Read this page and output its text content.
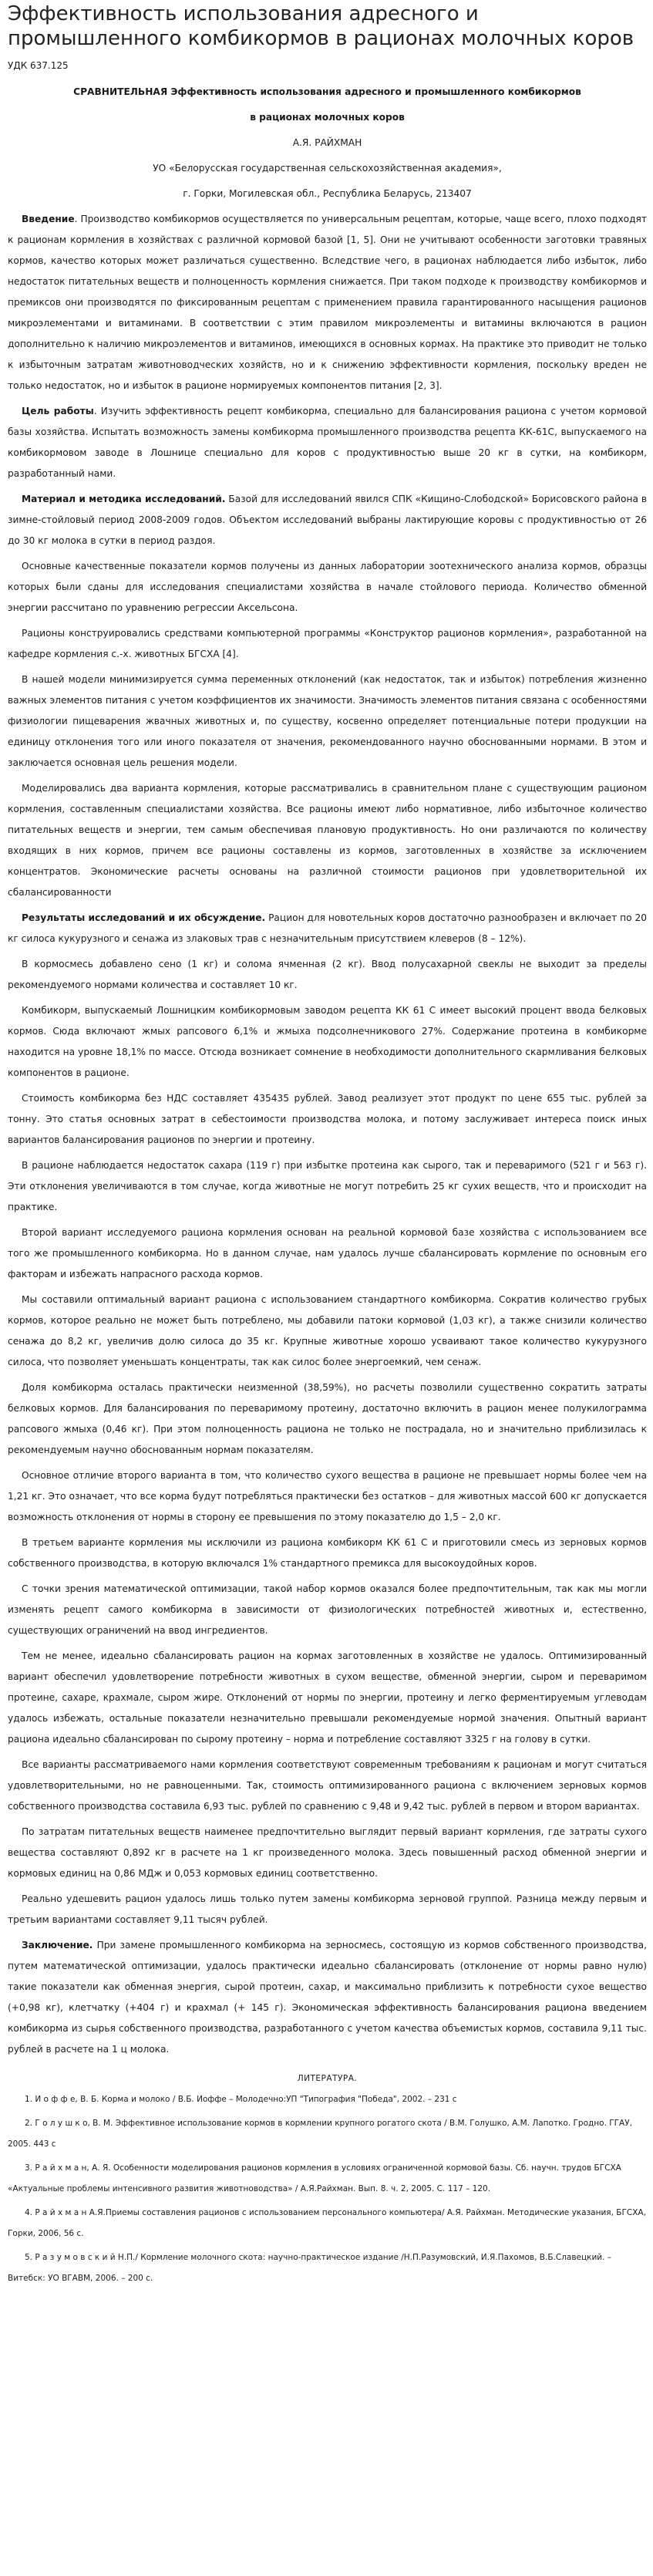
Эффективность использования адресного и промышленного комбикормов в рационах молочных коров
УДК 637.125

СРАВНИТЕЛЬНАЯ Эффективность использования адресного и промышленного комбикормов

в рационах молочных коров

А.Я. РАЙХМАН

УО «Белорусская государственная сельскохозяйственная академия»,

г. Горки, Могилевская обл., Республика Беларусь, 213407

Введение. Производство комбикормов осуществляется по универсальным рецептам, которые, чаще всего, плохо подходят к рационам кормления в хозяйствах с различной кормовой базой [1, 5]. Они не учитывают особенности заготовки травяных кормов, качество которых может различаться существенно. Вследствие чего, в рационах наблюдается либо избыток, либо недостаток питательных веществ и полноценность кормления снижается. При таком подходе к производству комбикормов и премиксов они производятся по фиксированным рецептам с применением правила гарантированного насыщения рационов микроэлементами и витаминами. В соответствии с этим правилом микроэлементы и витамины включаются в рацион дополнительно к наличию микроэлементов и витаминов, имеющихся в основных кормах. На практике это приводит не только к избыточным затратам животноводческих хозяйств, но и к снижению эффективности кормления, поскольку вреден не только недостаток, но и избыток в рационе нормируемых компонентов питания [2, 3].

Цель работы. Изучить эффективность рецепт комбикорма, специально для балансирования рациона с учетом кормовой базы хозяйства. Испытать возможность замены комбикорма промышленного производства рецепта КК-61С, выпускаемого на комбикормовом заводе в Лошнице специально для коров с продуктивностью выше 20 кг в сутки, на комбикорм, разработанный нами.

Материал и методика исследований. Базой для исследований явился СПК «Кищино-Слободской» Борисовского района в зимне-стойловый период 2008-2009 годов. Объектом исследований выбраны лактирующие коровы с продуктивностью от 26 до 30 кг молока в сутки в период раздоя.

Основные качественные показатели кормов получены из данных лаборатории зоотехнического анализа кормов, образцы которых были сданы для исследования специалистами хозяйства в начале стойлового периода. Количество обменной энергии рассчитано по уравнению регрессии Аксельсона.

Рационы конструировались средствами компьютерной программы «Конструктор рационов кормления», разработанной на кафедре кормления с.-х. животных БГСХА [4].

В нашей модели минимизируется сумма переменных отклонений (как недостаток, так и избыток) потребления жизненно важных элементов питания с учетом коэффициентов их значимости. Значимость элементов питания связана с особенностями физиологии пищеварения жвачных животных и, по существу, косвенно определяет потенциальные потери продукции на единицу отклонения того или иного показателя от значения, рекомендованного научно обоснованными нормами. В этом и заключается основная цель решения модели.

Моделировались два варианта кормления, которые рассматривались в сравнительном плане с существующим рационом кормления, составленным специалистами хозяйства. Все рационы имеют либо нормативное, либо избыточное количество питательных веществ и энергии, тем самым обеспечивая плановую продуктивность. Но они различаются по количеству входящих в них кормов, причем все рационы составлены из кормов, заготовленных в хозяйстве за исключением концентратов. Экономические расчеты основаны на различной стоимости рационов при удовлетворительной их сбалансированности

Результаты исследований и их обсуждение. Рацион для новотельных коров достаточно разнообразен и включает по 20 кг силоса кукурузного и сенажа из злаковых трав с незначительным присутствием клеверов (8 – 12%).

В кормосмесь добавлено сено (1 кг) и солома ячменная (2 кг). Ввод полусахарной свеклы не выходит за пределы рекомендуемого нормами количества и составляет 10 кг.

Комбикорм, выпускаемый Лошницким комбикормовым заводом рецепта КК 61 С имеет высокий процент ввода белковых кормов. Сюда включают жмых рапсового 6,1% и жмыха подсолнечникового 27%. Содержание протеина в комбикорме находится на уровне 18,1% по массе. Отсюда возникает сомнение в необходимости дополнительного скармливания белковых компонентов в рационе.

Стоимость комбикорма без НДС составляет 435435 рублей. Завод реализует этот продукт по цене 655 тыс. рублей за тонну. Это статья основных затрат в себестоимости производства молока, и потому заслуживает интереса поиск иных вариантов балансирования рационов по энергии и протеину.

В рационе наблюдается недостаток сахара (119 г) при избытке протеина как сырого, так и переваримого (521 г и 563 г). Эти отклонения увеличиваются в том случае, когда животные не могут потребить 25 кг сухих веществ, что и происходит на практике.

Второй вариант исследуемого рациона кормления основан на реальной кормовой базе хозяйства с использованием все того же промышленного комбикорма. Но в данном случае, нам удалось лучше сбалансировать кормление по основным его факторам и избежать напрасного расхода кормов.

Мы составили оптимальный вариант рациона с использованием стандартного комбикорма. Сократив количество грубых кормов, которое реально не может быть потреблено, мы добавили патоки кормовой (1,03 кг), а также снизили количество сенажа до 8,2 кг, увеличив долю силоса до 35 кг. Крупные животные хорошо усваивают такое количество кукурузного силоса, что позволяет уменьшать концентраты, так как силос более энергоемкий, чем сенаж.

Доля комбикорма осталась практически неизменной (38,59%), но расчеты позволили существенно сократить затраты белковых кормов. Для балансирования по переваримому протеину, достаточно включить в рацион менее полукилограмма рапсового жмыха (0,46 кг). При этом полноценность рациона не только не пострадала, но и значительно приблизилась к рекомендуемым научно обоснованным нормам показателям.

Основное отличие второго варианта в том, что количество сухого вещества в рационе не превышает нормы более чем на 1,21 кг. Это означает, что все корма будут потребляться практически без остатков – для животных массой 600 кг допускается возможность отклонения от нормы в сторону ее превышения по этому показателю до 1,5 – 2,0 кг.

В третьем варианте кормления мы исключили из рациона комбикорм КК 61 С и приготовили смесь из зерновых кормов собственного производства, в которую включался 1% стандартного премикса для высокоудойных коров.

С точки зрения математической оптимизации, такой набор кормов оказался более предпочтительным, так как мы могли изменять рецепт самого комбикорма в зависимости от физиологических потребностей животных и, естественно, существующих ограничений на ввод ингредиентов.

Тем не менее, идеально сбалансировать рацион на кормах заготовленных в хозяйстве не удалось. Оптимизированный вариант обеспечил удовлетворение потребности животных в сухом веществе, обменной энергии, сыром и переваримом протеине, сахаре, крахмале, сыром жире. Отклонений от нормы по энергии, протеину и легко ферментируемым углеводам удалось избежать, остальные показатели незначительно превышали рекомендуемые нормой значения. Опытный вариант рациона идеально сбалансирован по сырому протеину – норма и потребление составляют 3325 г на голову в сутки.

Все варианты рассматриваемого нами кормления соответствуют современным требованиям к рационам и могут считаться удовлетворительными, но не равноценными. Так, стоимость оптимизированного рациона с включением зерновых кормов собственного производства составила 6,93 тыс. рублей по сравнению с 9,48 и 9,42 тыс. рублей в первом и втором вариантах.

По затратам питательных веществ наименее предпочтительно выглядит первый вариант кормления, где затраты сухого вещества составляют 0,892 кг в расчете на 1 кг произведенного молока. Здесь повышенный расход обменной энергии и кормовых единиц на 0,86 МДж и 0,053 кормовых единиц соответственно.

Реально удешевить рацион удалось лишь только путем замены комбикорма зерновой группой. Разница между первым и третьим вариантами составляет 9,11 тысяч рублей.

Заключение. При замене промышленного комбикорма на зерносмесь, состоящую из кормов собственного производства, путем математической оптимизации, удалось практически идеально сбалансировать (отклонение от нормы равно нулю) такие показатели как обменная энергия, сырой протеин, сахар, и максимально приблизить к потребности сухое вещество (+0,98 кг), клетчатку (+404 г) и крахмал (+ 145 г). Экономическая эффективность балансирования рациона введением комбикорма из сырья собственного производства, разработанного с учетом качества объемистых кормов, составила 9,11 тыс. рублей в расчете на 1 ц молока.

ЛИТЕРАТУРА.

1. И о ф ф е, В. Б. Корма и молоко / В.Б. Иоффе – Молодечно:УП "Типография "Победа", 2002. – 231 с

2. Г о л у ш к о, В. М. Эффективное использование кормов в кормлении крупного рогатого скота / В.М. Голушко, А.М. Лапотко. Гродно. ГГАУ, 2005. 443 с

3. Р а й х м а н, А. Я. Особенности моделирования рационов кормления в условиях ограниченной кормовой базы. Сб. научн. трудов БГСХА «Актуальные проблемы интенсивного развития животноводства» / А.Я.Райхман. Вып. 8. ч. 2, 2005. С. 117 – 120.

4. Р а й х м а н А.Я.Приемы составления рационов с использованием персонального компьютера/ А.Я. Райхман. Методические указания, БГСХА, Горки, 2006, 56 с.

5. Р а з у м о в с к и й Н.П./ Кормление молочного скота: научно-практическое издание /Н.П.Разумовский, И.Я.Пахомов, В.Б.Славецкий. – Витебск: УО ВГАВМ, 2006. – 200 с.
